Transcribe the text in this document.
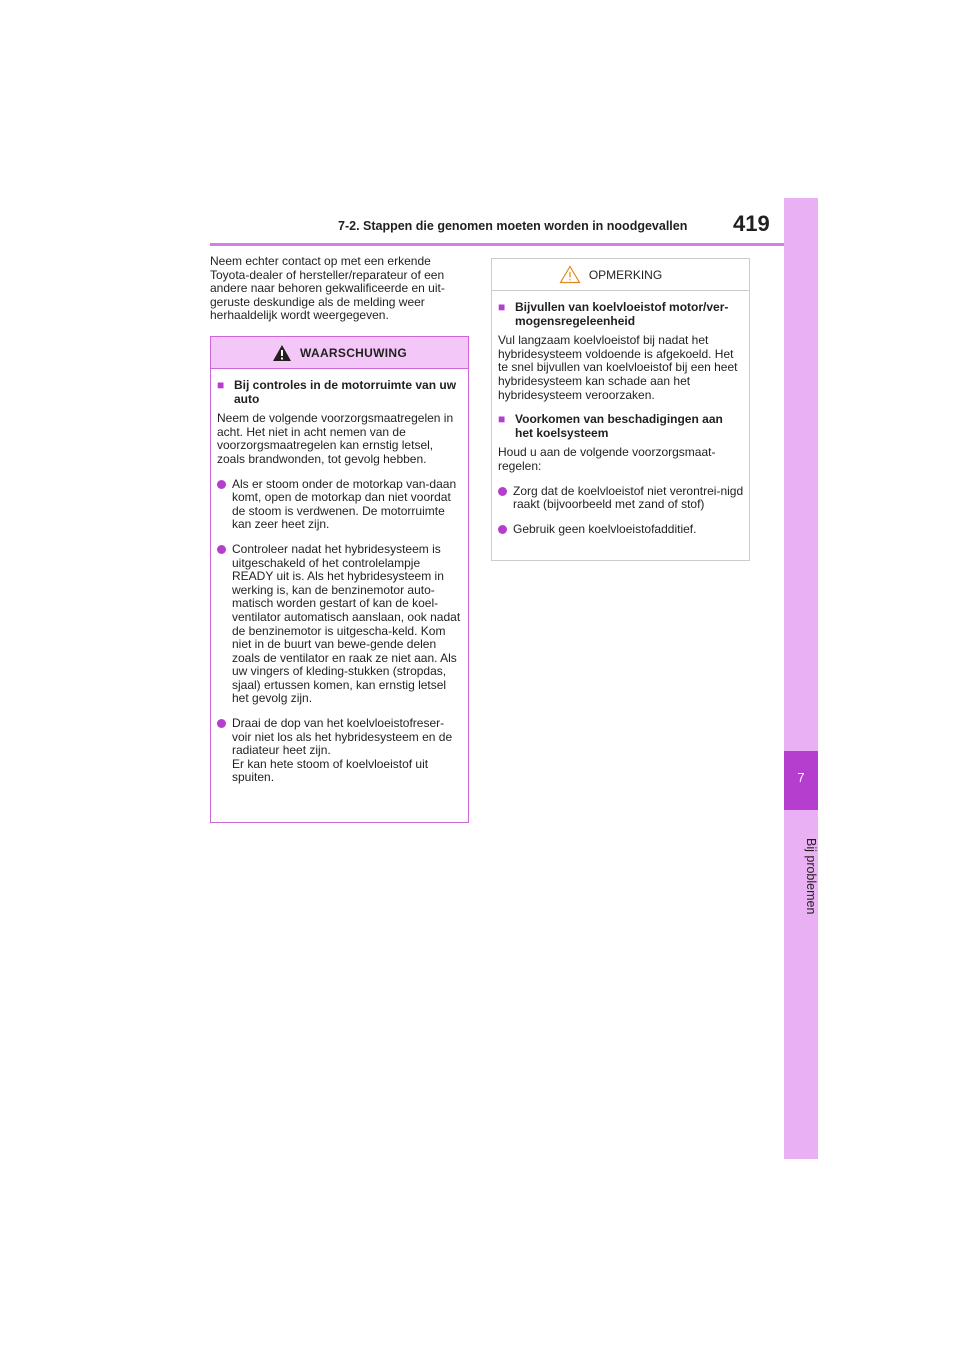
7-2. Stappen die genomen moeten worden in noodgevallen 419
7
Bij problemen
Neem echter contact op met een erkende Toyota-dealer of hersteller/reparateur of een andere naar behoren gekwalificeerde en uit-geruste deskundige als de melding weer herhaaldelijk wordt weergegeven.
WAARSCHUWING
■ Bij controles in de motorruimte van uw auto

Neem de volgende voorzorgsmaatregelen in acht. Het niet in acht nemen van de voorzorgsmaatregelen kan ernstig letsel, zoals brandwonden, tot gevolg hebben.

Als er stoom onder de motorkap van-daan komt, open de motorkap dan niet voordat de stoom is verdwenen. De motorruimte kan zeer heet zijn.
Controleer nadat het hybridesysteem is uitgeschakeld of het controlelampje READY uit is. Als het hybridesysteem in werking is, kan de benzinemotor auto-matisch worden gestart of kan de koel-ventilator automatisch aanslaan, ook nadat de benzinemotor is uitgescha-keld. Kom niet in de buurt van bewe-gende delen zoals de ventilator en raak ze niet aan. Als uw vingers of kleding-stukken (stropdas, sjaal) ertussen komen, kan ernstig letsel het gevolg zijn.
Draai de dop van het koelvloeistofreser-voir niet los als het hybridesysteem en de radiateur heet zijn.
Er kan hete stoom of koelvloeistof uit spuiten.
OPMERKING
■ Bijvullen van koelvloeistof motor/ver-mogensregeleenheid

Vul langzaam koelvloeistof bij nadat het hybridesysteem voldoende is afgekoeld. Het te snel bijvullen van koelvloeistof bij een heet hybridesysteem kan schade aan het hybridesysteem veroorzaken.

■ Voorkomen van beschadigingen aan het koelsysteem

Houd u aan de volgende voorzorgsmaat-regelen:

Zorg dat de koelvloeistof niet verontrei-nigd raakt (bijvoorbeeld met zand of stof)
Gebruik geen koelvloeistofadditief.
